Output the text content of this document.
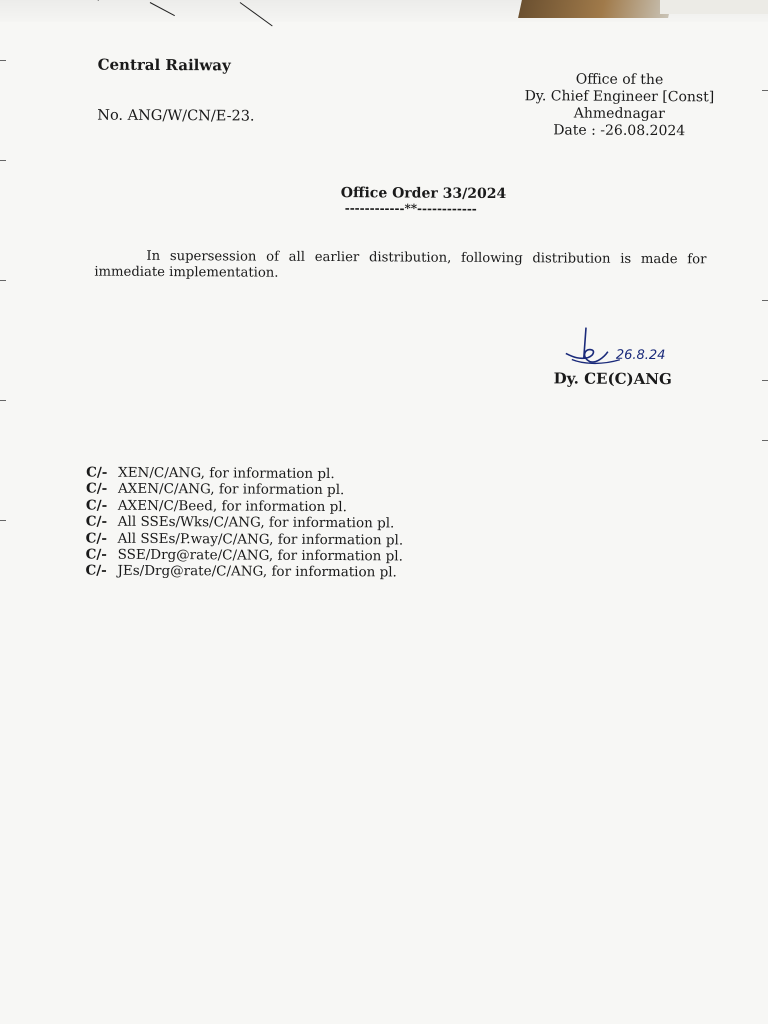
Central Railway
No. ANG/W/CN/E-23.
Office of the
Dy. Chief Engineer [Const]
Ahmednagar
Date : -26.08.2024
Office Order 33/2024
------------**------------
In supersession of all earlier distribution, following distribution is made for immediate implementation.
26.8.24
Dy. CE(C)ANG
C/- XEN/C/ANG, for information pl.
C/- AXEN/C/ANG, for information pl.
C/- AXEN/C/Beed, for information pl.
C/- All SSEs/Wks/C/ANG, for information pl.
C/- All SSEs/P.way/C/ANG, for information pl.
C/- SSE/Drg@rate/C/ANG, for information pl.
C/- JEs/Drg@rate/C/ANG, for information pl.
